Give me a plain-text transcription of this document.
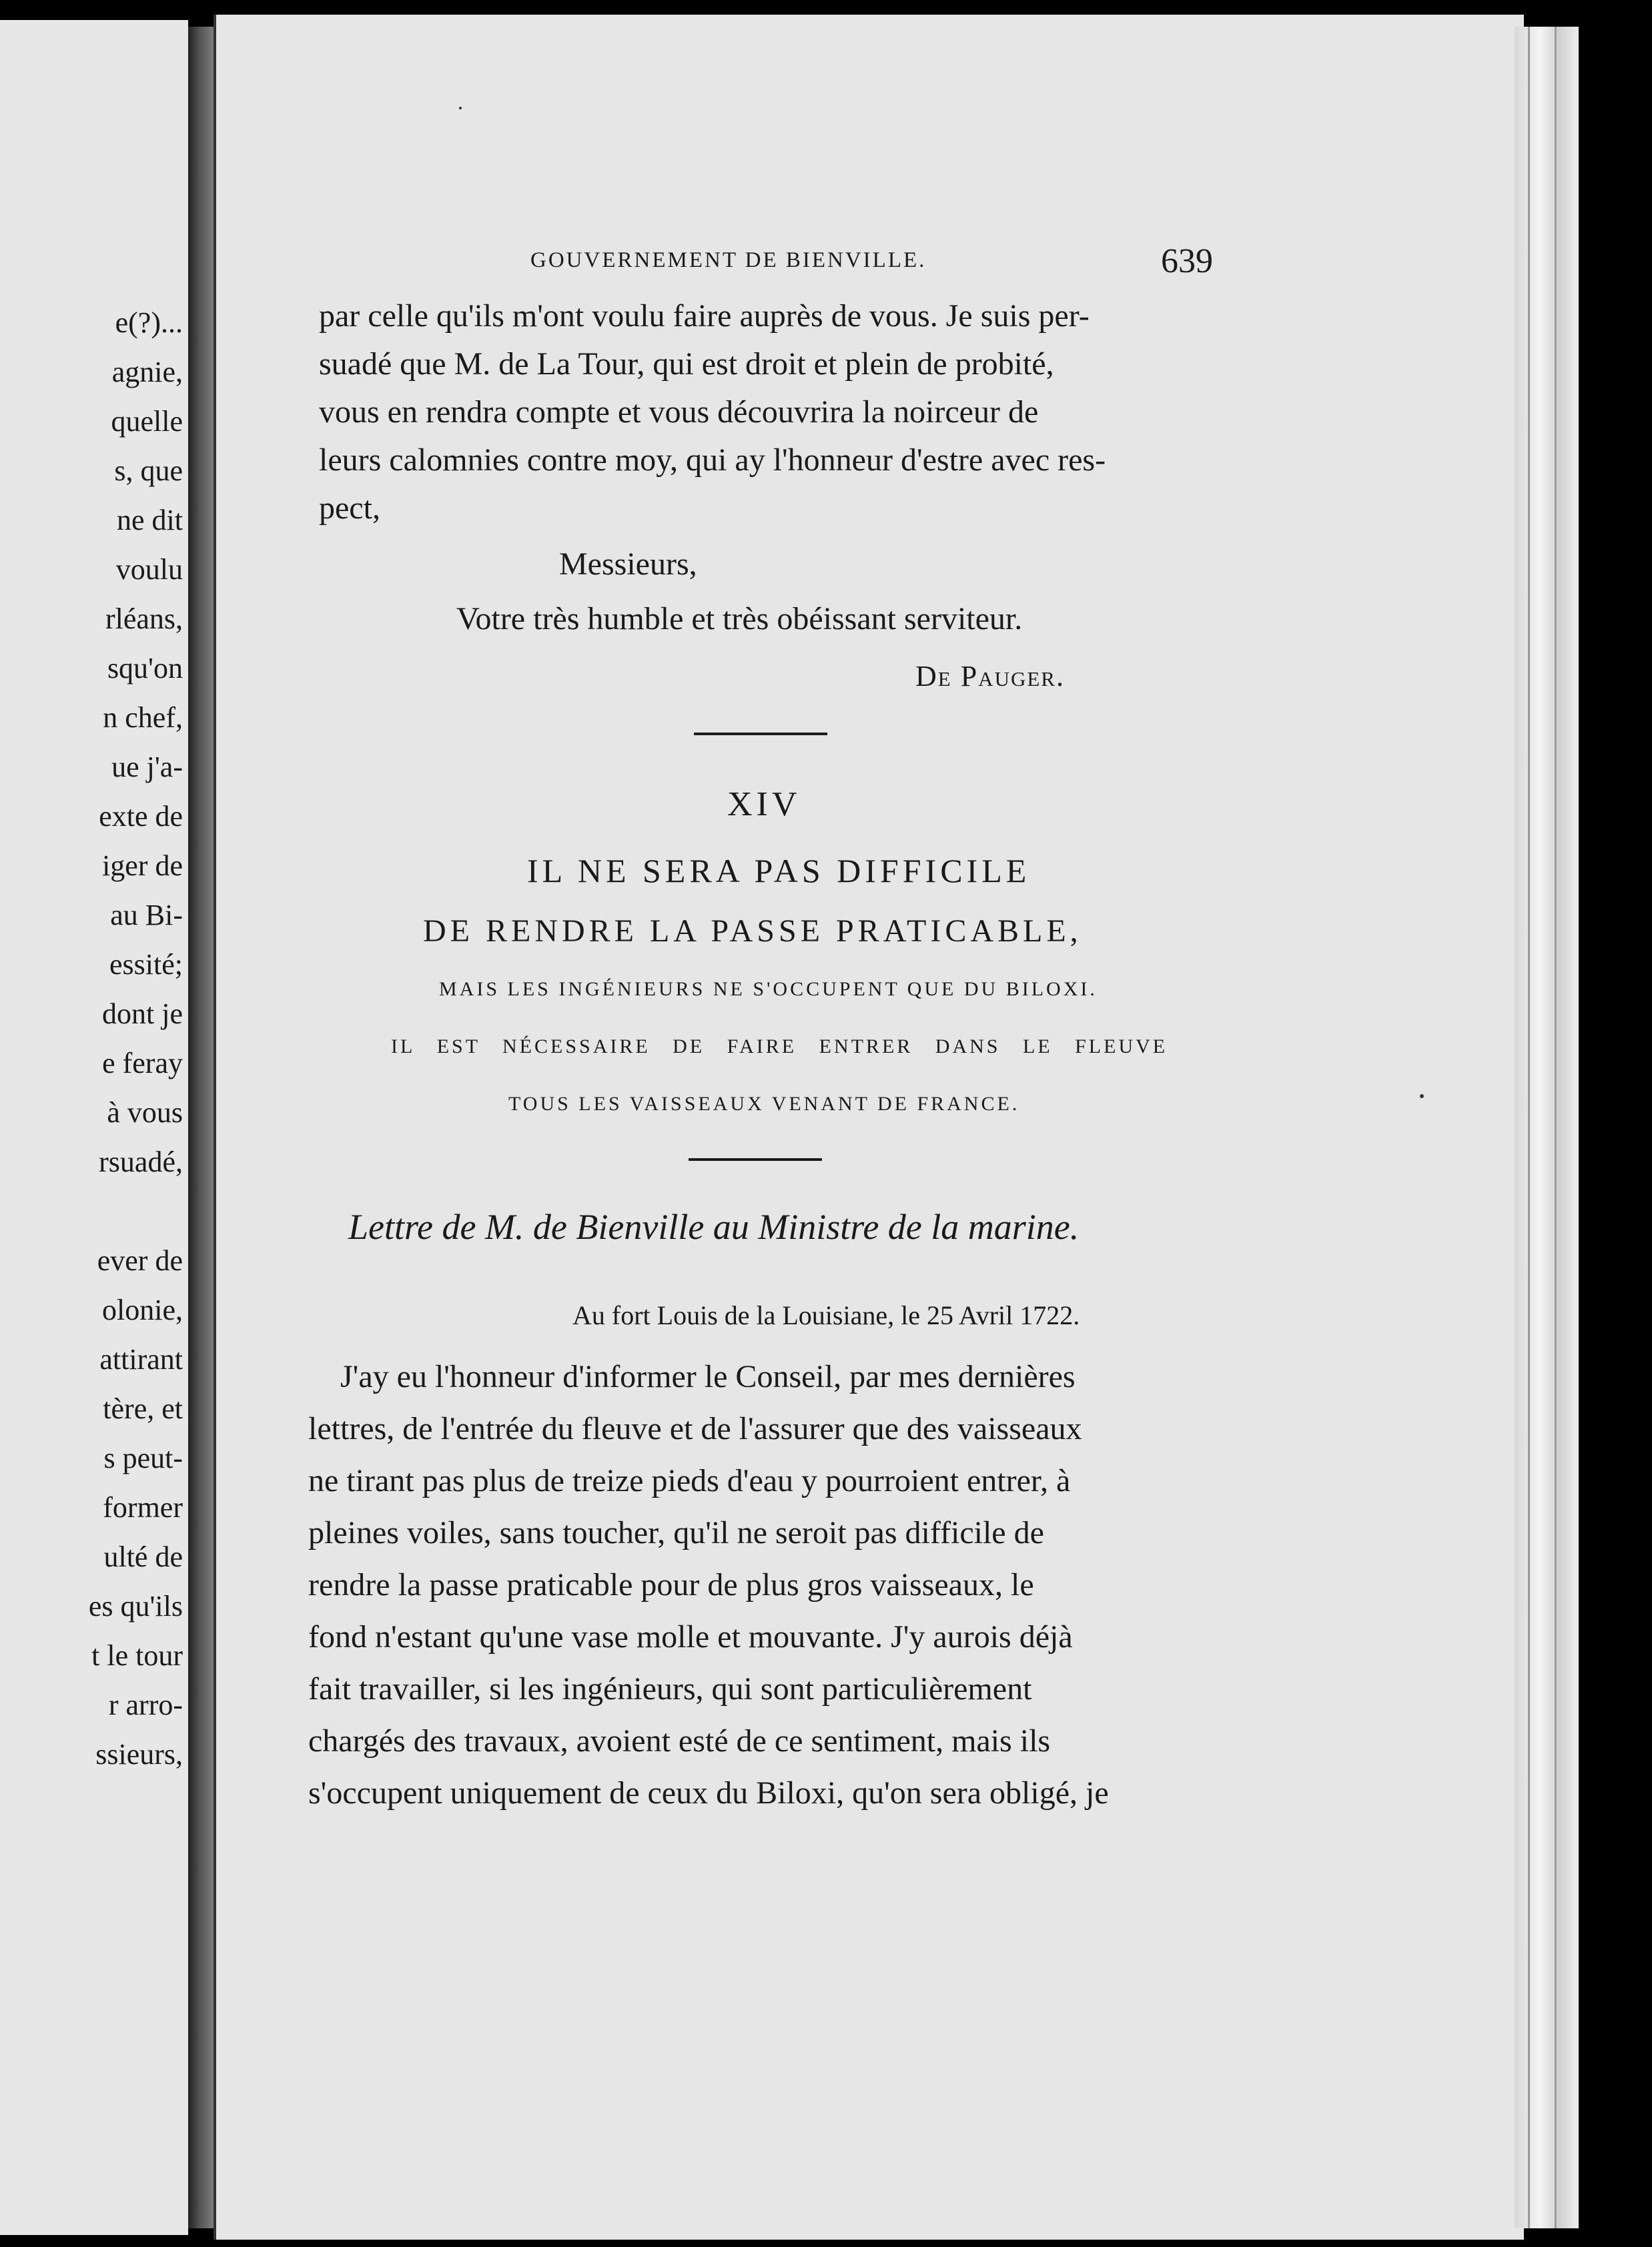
e(?)...
agnie,
quelle
s, que
ne dit
voulu
rléans,
squ'on
n chef,
ue j'a-
exte de
iger de
au Bi-
essité;
dont je
e feray
à vous
rsuadé,
ever de
olonie,
attirant
tère, et
s peut-
former
ulté de
es qu'ils
t le tour
r arro-
ssieurs,
GOUVERNEMENT DE BIENVILLE.	639
par celle qu'ils m'ont voulu faire auprès de vous. Je suis per-
suadé que M. de La Tour, qui est droit et plein de probité,
vous en rendra compte et vous découvrira la noirceur de
leurs calomnies contre moy, qui ay l'honneur d'estre avec res-
pect,
Messieurs,
Votre très humble et très obéissant serviteur.
De Pauger.
XIV
IL NE SERA PAS DIFFICILE
DE RENDRE LA PASSE PRATICABLE,
MAIS LES INGÉNIEURS NE S'OCCUPENT QUE DU BILOXI.
IL EST NÉCESSAIRE DE FAIRE ENTRER DANS LE FLEUVE
TOUS LES VAISSEAUX VENANT DE FRANCE.
Lettre de M. de Bienville au Ministre de la marine.
Au fort Louis de la Louisiane, le 25 Avril 1722.
J'ay eu l'honneur d'informer le Conseil, par mes dernières
lettres, de l'entrée du fleuve et de l'assurer que des vaisseaux
ne tirant pas plus de treize pieds d'eau y pourroient entrer, à
pleines voiles, sans toucher, qu'il ne seroit pas difficile de
rendre la passe praticable pour de plus gros vaisseaux, le
fond n'estant qu'une vase molle et mouvante. J'y aurois déjà
fait travailler, si les ingénieurs, qui sont particulièrement
chargés des travaux, avoient esté de ce sentiment, mais ils
s'occupent uniquement de ceux du Biloxi, qu'on sera obligé, je
